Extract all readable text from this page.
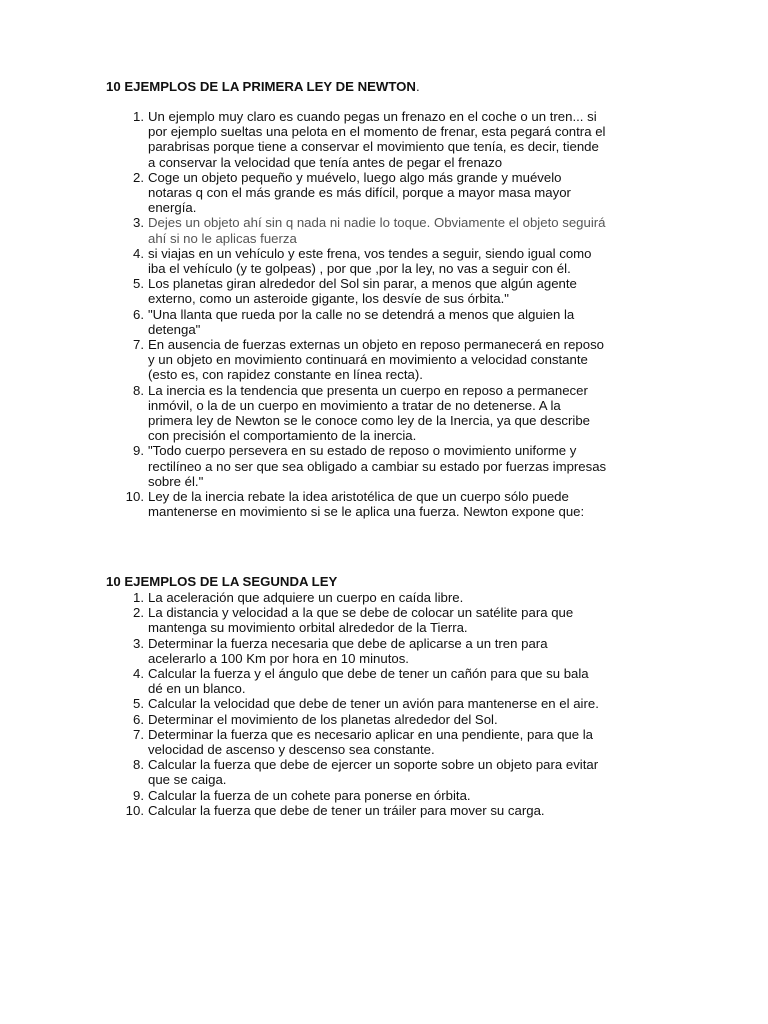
10 EJEMPLOS DE LA PRIMERA LEY DE NEWTON.
1. Un ejemplo muy claro es cuando pegas un frenazo en el coche o un tren... si
por ejemplo sueltas una pelota en el momento de frenar, esta pegará contra el
parabrisas porque tiene a conservar el movimiento que tenía, es decir, tiende
a conservar la velocidad que tenía antes de pegar el frenazo
2. Coge un objeto pequeño y muévelo, luego algo más grande y muévelo
notaras q con el más grande es más difícil, porque a mayor masa mayor
energía.
3. Dejes un objeto ahí sin q nada ni nadie lo toque. Obviamente el objeto seguirá
ahí si no le aplicas fuerza
4. si viajas en un vehículo y este frena, vos tendes a seguir, siendo igual como
iba el vehículo (y te golpeas) , por que ,por la ley, no vas a seguir con él.
5. Los planetas giran alrededor del Sol sin parar, a menos que algún agente
externo, como un asteroide gigante, los desvíe de sus órbita."
6. "Una llanta que rueda por la calle no se detendrá a menos que alguien la
detenga"
7. En ausencia de fuerzas externas un objeto en reposo permanecerá en reposo
y un objeto en movimiento continuará en movimiento a velocidad constante
(esto es, con rapidez constante en línea recta).
8. La inercia es la tendencia que presenta un cuerpo en reposo a permanecer
inmóvil, o la de un cuerpo en movimiento a tratar de no detenerse. A la
primera ley de Newton se le conoce como ley de la Inercia, ya que describe
con precisión el comportamiento de la inercia.
9. "Todo cuerpo persevera en su estado de reposo o movimiento uniforme y
rectilíneo a no ser que sea obligado a cambiar su estado por fuerzas impresas
sobre él."
10. Ley de la inercia rebate la idea aristotélica de que un cuerpo sólo puede
mantenerse en movimiento si se le aplica una fuerza. Newton expone que:
10 EJEMPLOS DE LA SEGUNDA LEY
1. La aceleración que adquiere un cuerpo en caída libre.
2. La distancia y velocidad a la que se debe de colocar un satélite para que
mantenga su movimiento orbital alrededor de la Tierra.
3. Determinar la fuerza necesaria que debe de aplicarse a un tren para
acelerarlo a 100 Km por hora en 10 minutos.
4. Calcular la fuerza y el ángulo que debe de tener un cañón para que su bala
dé en un blanco.
5. Calcular la velocidad que debe de tener un avión para mantenerse en el aire.
6. Determinar el movimiento de los planetas alrededor del Sol.
7. Determinar la fuerza que es necesario aplicar en una pendiente, para que la
velocidad de ascenso y descenso sea constante.
8. Calcular la fuerza que debe de ejercer un soporte sobre un objeto para evitar
que se caiga.
9. Calcular la fuerza de un cohete para ponerse en órbita.
10. Calcular la fuerza que debe de tener un tráiler para mover su carga.
